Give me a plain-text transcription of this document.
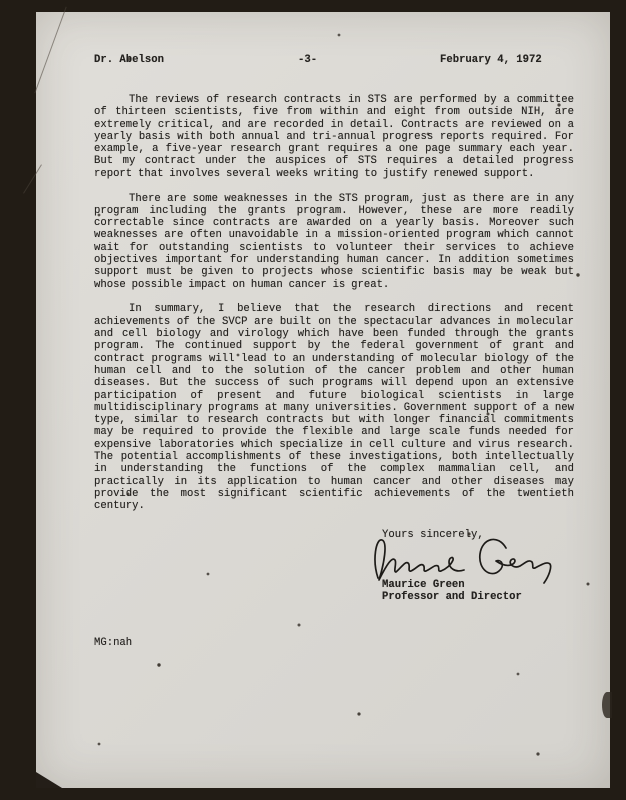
Dr. Abelson	-3-	February 4, 1972

The reviews of research contracts in STS are performed by a committee of thirteen scientists, five from within and eight from outside NIH, are extremely critical, and are recorded in detail. Contracts are reviewed on a yearly basis with both annual and tri-annual progress reports required. For example, a five-year research grant requires a one page summary each year. But my contract under the auspices of STS requires a detailed progress report that involves several weeks writing to justify renewed support.

There are some weaknesses in the STS program, just as there are in any program including the grants program. However, these are more readily correctable since contracts are awarded on a yearly basis. Moreover such weaknesses are often unavoidable in a mission-oriented program which cannot wait for outstanding scientists to volunteer their services to achieve objectives important for understanding human cancer. In addition sometimes support must be given to projects whose scientific basis may be weak but whose possible impact on human cancer is great.

In summary, I believe that the research directions and recent achievements of the SVCP are built on the spectacular advances in molecular and cell biology and virology which have been funded through the grants program. The continued support by the federal government of grant and contract programs will lead to an understanding of molecular biology of the human cell and to the solution of the cancer problem and other human diseases. But the success of such programs will depend upon an extensive participation of present and future biological scientists in large multidisciplinary programs at many universities. Government support of a new type, similar to research contracts but with longer financial commitments may be required to provide the flexible and large scale funds needed for expensive laboratories which specialize in cell culture and virus research. The potential accomplishments of these investigations, both intellectually in understanding the functions of the complex mammalian cell, and practically in its application to human cancer and other diseases may provide the most significant scientific achievements of the twentieth century.

Yours sincerely,
Maurice Green
Professor and Director
MG:nah
